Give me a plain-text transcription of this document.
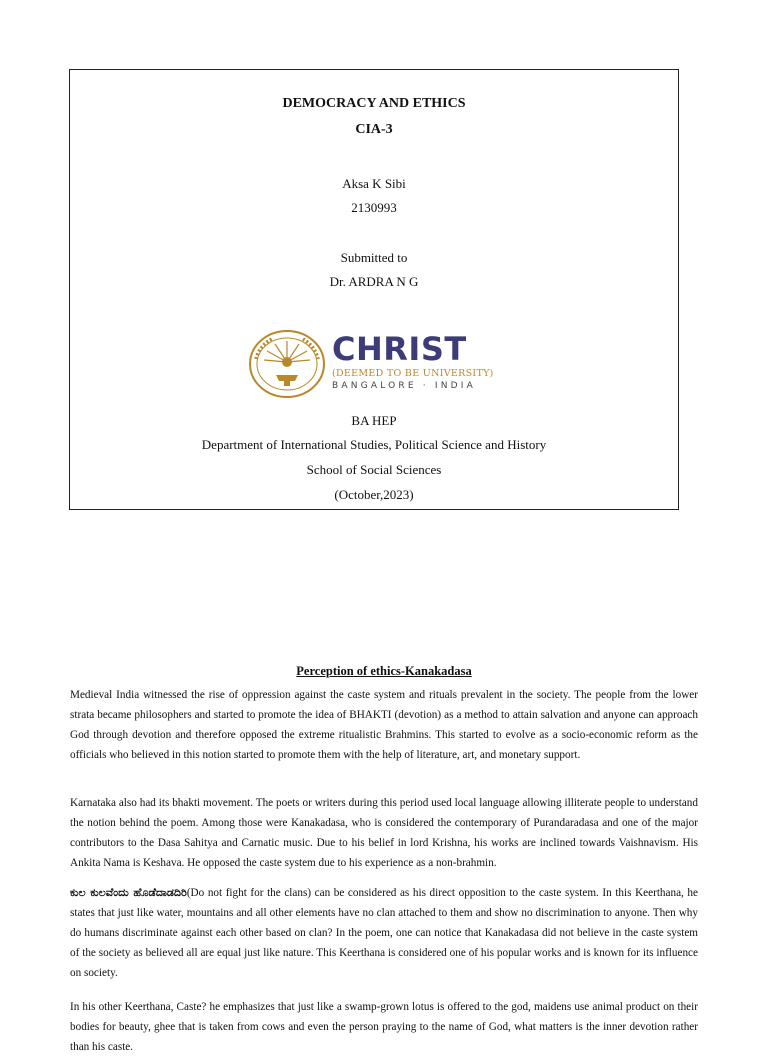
DEMOCRACY AND ETHICS
CIA-3
Aksa K Sibi
2130993
Submitted to
Dr. ARDRA N G
CHRIST
(DEEMED TO BE UNIVERSITY)
BANGALORE · INDIA
BA HEP
Department of International Studies, Political Science and History
School of Social Sciences
(October,2023)
Perception of ethics-Kanakadasa

Medieval India witnessed the rise of oppression against the caste system and rituals prevalent in the society. The people from the lower strata became philosophers and started to promote the idea of BHAKTI (devotion) as a method to attain salvation and anyone can approach God through devotion and therefore opposed the extreme ritualistic Brahmins. This started to evolve as a socio-economic reform as the officials who believed in this notion started to promote them with the help of literature, art, and monetary support.

Karnataka also had its bhakti movement. The poets or writers during this period used local language allowing illiterate people to understand the notion behind the poem. Among those were Kanakadasa, who is considered the contemporary of Purandaradasa and one of the major contributors to the Dasa Sahitya and Carnatic music. Due to his belief in lord Krishna, his works are inclined towards Vaishnavism. His Ankita Nama is Keshava. He opposed the caste system due to his experience as a non-brahmin.

ಕುಲ ಕುಲವೆಂದು ಹೊಡೆದಾಡದಿರಿ(Do not fight for the clans) can be considered as his direct opposition to the caste system. In this Keerthana, he states that just like water, mountains and all other elements have no clan attached to them and show no discrimination to anyone. Then why do humans discriminate against each other based on clan? In the poem, one can notice that Kanakadasa did not believe in the caste system of the society as believed all are equal just like nature. This Keerthana is considered one of his popular works and is known for its influence on society.

In his other Keerthana, Caste? he emphasizes that just like a swamp-grown lotus is offered to the god, maidens use animal product on their bodies for beauty, ghee that is taken from cows and even the person praying to the name of God, what matters is the inner devotion rather than his caste.
